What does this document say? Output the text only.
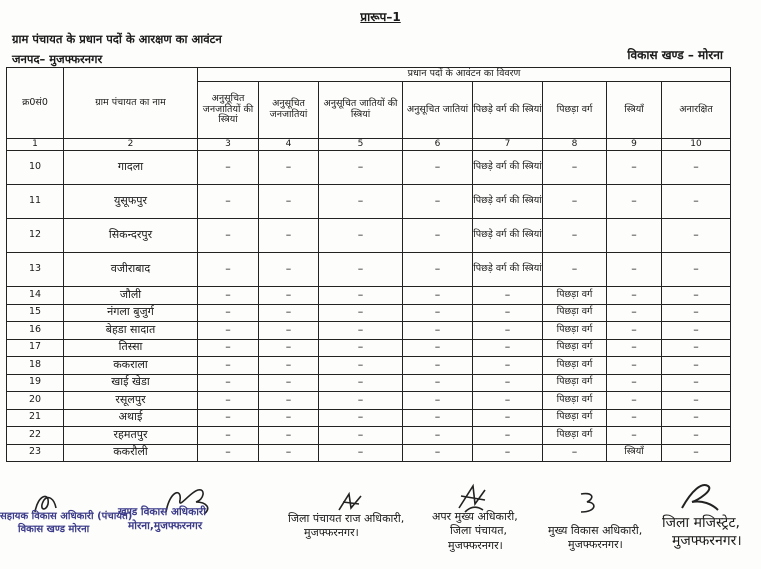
प्रारूप–1
ग्राम पंचायत के प्रधान पदों के आरक्षण का आवंटन
जनपद– मुजफ्फरनगर	विकास खण्ड – मोरना
क्र0सं0	ग्राम पंचायत का नाम	प्रधान पदों के आवंटन का विवरण							
		अनुसूचित जनजातियों की स्त्रियां	अनुसूचित जनजातियां	अनुसूचित जातियों की स्त्रियां	अनुसूचित जातियां	पिछड़े वर्ग की स्त्रियां	पिछड़ा वर्ग	स्त्रियाँ	अनारक्षित
1	2	3	4	5	6	7	8	9	10
10	गादला	–	–	–	–	पिछड़े वर्ग की स्त्रियां	–	–	–
11	युसूफपुर	–	–	–	–	पिछड़े वर्ग की स्त्रियां	–	–	–
12	सिकन्दरपुर	–	–	–	–	पिछड़े वर्ग की स्त्रियां	–	–	–
13	वजीराबाद	–	–	–	–	पिछड़े वर्ग की स्त्रियां	–	–	–
14	जौली	–	–	–	–	–	पिछड़ा वर्ग	–	–
15	नंगला बुजुर्ग	–	–	–	–	–	पिछड़ा वर्ग	–	–
16	बेहडा सादात	–	–	–	–	–	पिछड़ा वर्ग	–	–
17	तिस्सा	–	–	–	–	–	पिछड़ा वर्ग	–	–
18	ककराला	–	–	–	–	–	पिछड़ा वर्ग	–	–
19	खाई खेडा	–	–	–	–	–	पिछड़ा वर्ग	–	–
20	रसूलपुर	–	–	–	–	–	पिछड़ा वर्ग	–	–
21	अथाई	–	–	–	–	–	पिछड़ा वर्ग	–	–
22	रहमतपुर	–	–	–	–	–	पिछड़ा वर्ग	–	–
23	ककरौली	–	–	–	–	–	–	स्त्रियाँ	–
सहायक विकास अधिकारी (पंचायत)
विकास खण्ड मोरना
खण्ड विकास अधिकारी
मोरना,मुजफ्फरनगर
जिला पंचायत राज अधिकारी,
मुजफ्फरनगर।
अपर मुख्य अधिकारी,
जिला पंचायत,
मुजफ्फरनगर।
मुख्य विकास अधिकारी,
मुजफ्फरनगर।
जिला मजिस्ट्रेट,
मुजफ्फरनगर।
